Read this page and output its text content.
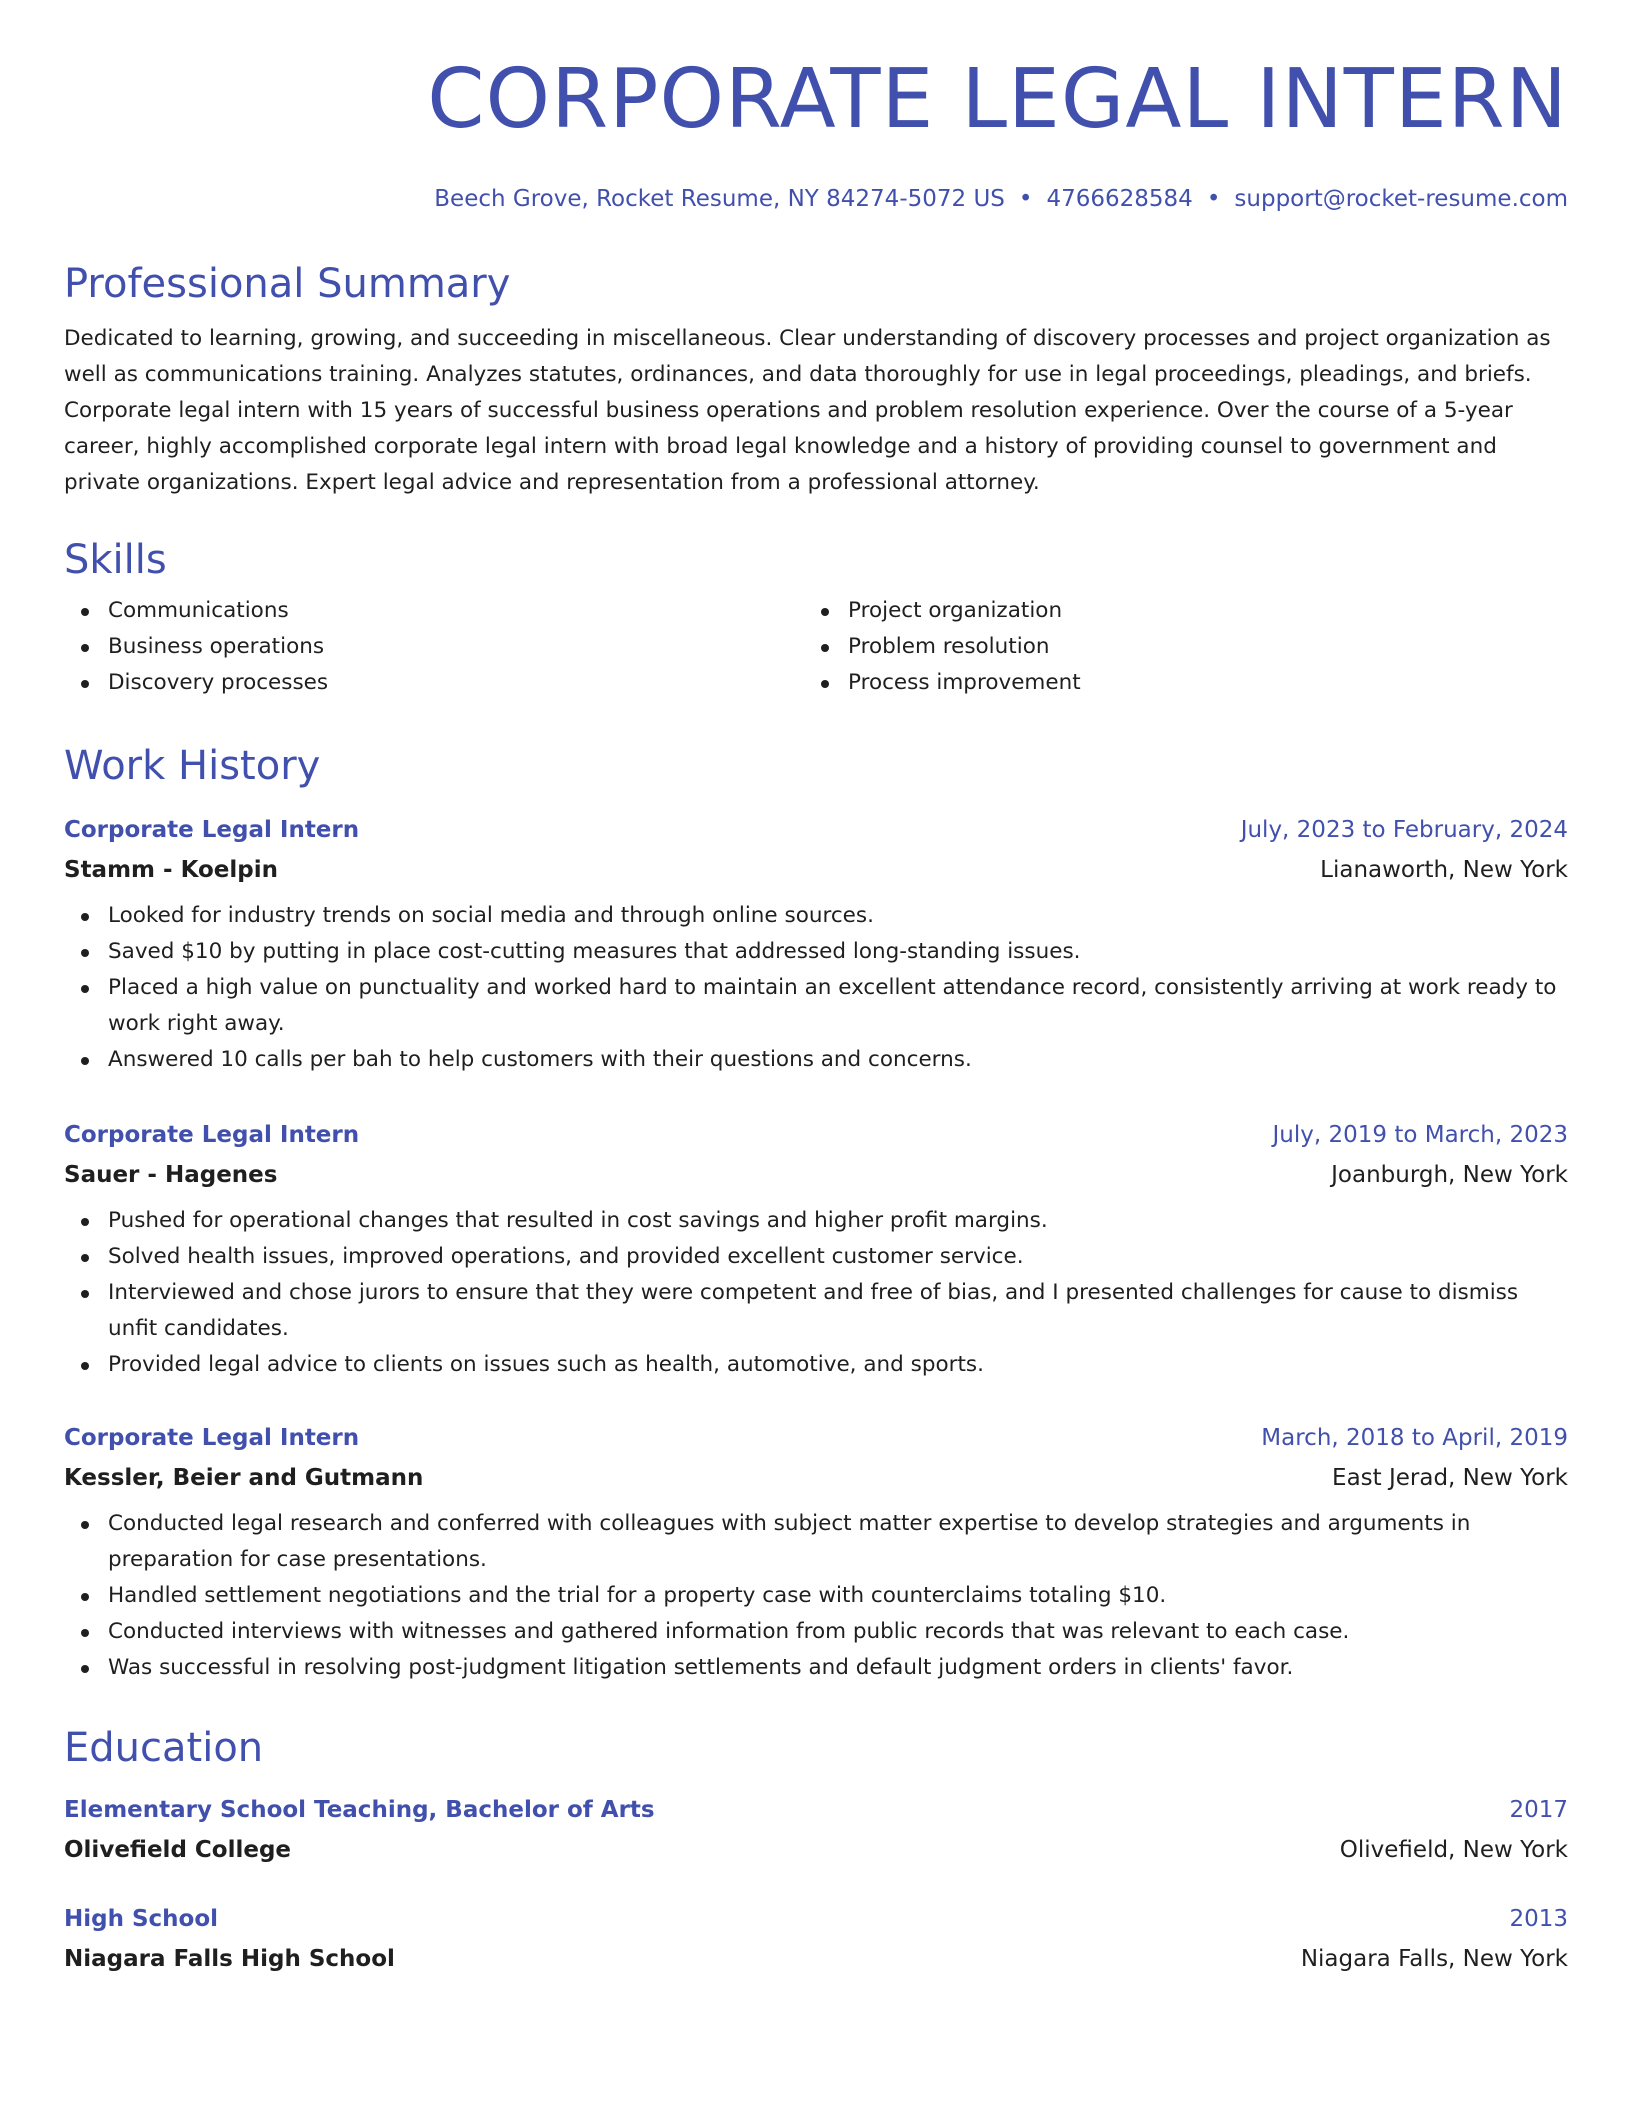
CORPORATE LEGAL INTERN
Beech Grove, Rocket Resume, NY 84274-5072 US • 4766628584 • support@rocket-resume.com
Professional Summary

Dedicated to learning, growing, and succeeding in miscellaneous. Clear understanding of discovery processes and project organization as well as communications training. Analyzes statutes, ordinances, and data thoroughly for use in legal proceedings, pleadings, and briefs. Corporate legal intern with 15 years of successful business operations and problem resolution experience. Over the course of a 5-year career, highly accomplished corporate legal intern with broad legal knowledge and a history of providing counsel to government and private organizations. Expert legal advice and representation from a professional attorney.

Skills
Communications
Business operations
Discovery processes
Project organization
Problem resolution
Process improvement
Work History
Corporate Legal Intern	July, 2023 to February, 2024
Stamm - Koelpin	Lianaworth, New York
Looked for industry trends on social media and through online sources.
Saved $10 by putting in place cost-cutting measures that addressed long-standing issues.
Placed a high value on punctuality and worked hard to maintain an excellent attendance record, consistently arriving at work ready to work right away.
Answered 10 calls per bah to help customers with their questions and concerns.
Corporate Legal Intern	July, 2019 to March, 2023
Sauer - Hagenes	Joanburgh, New York
Pushed for operational changes that resulted in cost savings and higher profit margins.
Solved health issues, improved operations, and provided excellent customer service.
Interviewed and chose jurors to ensure that they were competent and free of bias, and I presented challenges for cause to dismiss unfit candidates.
Provided legal advice to clients on issues such as health, automotive, and sports.
Corporate Legal Intern	March, 2018 to April, 2019
Kessler, Beier and Gutmann	East Jerad, New York
Conducted legal research and conferred with colleagues with subject matter expertise to develop strategies and arguments in preparation for case presentations.
Handled settlement negotiations and the trial for a property case with counterclaims totaling $10.
Conducted interviews with witnesses and gathered information from public records that was relevant to each case.
Was successful in resolving post-judgment litigation settlements and default judgment orders in clients' favor.
Education
Elementary School Teaching, Bachelor of Arts	2017
Olivefield College	Olivefield, New York
High School	2013
Niagara Falls High School	Niagara Falls, New York
